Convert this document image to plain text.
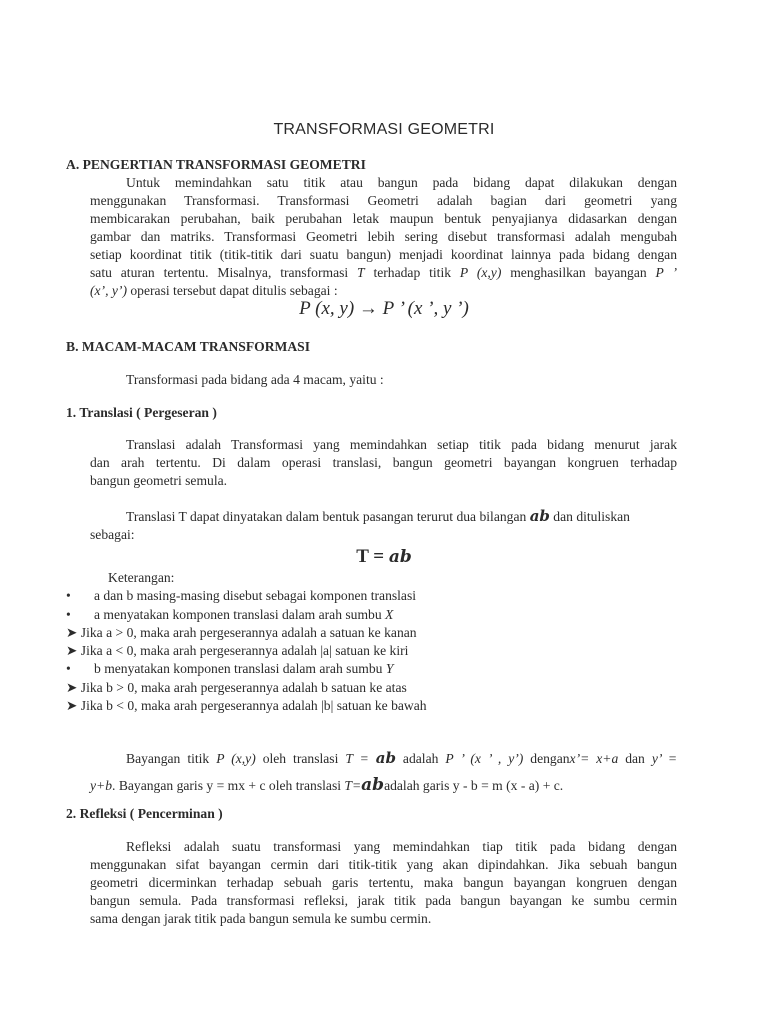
TRANSFORMASI GEOMETRI
A. PENGERTIAN TRANSFORMASI GEOMETRI
Untuk memindahkan satu titik atau bangun pada bidang dapat dilakukan dengan
menggunakan Transformasi. Transformasi Geometri adalah bagian dari geometri yang
membicarakan perubahan, baik perubahan letak maupun bentuk penyajianya didasarkan dengan
gambar dan matriks. Transformasi Geometri lebih sering disebut transformasi adalah mengubah
setiap koordinat titik (titik-titik dari suatu bangun) menjadi koordinat lainnya pada bidang dengan
satu aturan tertentu. Misalnya, transformasi T terhadap titik P (x,y) menghasilkan bayangan P ’
(x’, y’) operasi tersebut dapat ditulis sebagai :
P (x, y) → P ’ (x ’, y ’)
B. MACAM-MACAM TRANSFORMASI
Transformasi pada bidang ada 4 macam, yaitu :
1. Translasi ( Pergeseran )
Translasi adalah Transformasi yang memindahkan setiap titik pada bidang menurut jarak
dan arah tertentu. Di dalam operasi translasi, bangun geometri bayangan kongruen terhadap
bangun geometri semula.
Translasi T dapat dinyatakan dalam bentuk pasangan terurut dua bilangan ab dan dituliskan
sebagai:
T = ab
Keterangan:
• a dan b masing-masing disebut sebagai komponen translasi
• a menyatakan komponen translasi dalam arah sumbu X
➤ Jika a > 0, maka arah pergeserannya adalah a satuan ke kanan
➤ Jika a < 0, maka arah pergeserannya adalah |a| satuan ke kiri
• b menyatakan komponen translasi dalam arah sumbu Y
➤ Jika b > 0, maka arah pergeserannya adalah b satuan ke atas
➤ Jika b < 0, maka arah pergeserannya adalah |b| satuan ke bawah
Bayangan titik P (x,y) oleh translasi T = ab adalah P ’ (x ’ , y’) denganx’= x+a dan y’ =
y+b. Bayangan garis y = mx + c oleh translasi T=abadalah garis y - b = m (x - a) + c.
2. Refleksi ( Pencerminan )
Refleksi adalah suatu transformasi yang memindahkan tiap titik pada bidang dengan
menggunakan sifat bayangan cermin dari titik-titik yang akan dipindahkan. Jika sebuah bangun
geometri dicerminkan terhadap sebuah garis tertentu, maka bangun bayangan kongruen dengan
bangun semula. Pada transformasi refleksi, jarak titik pada bangun bayangan ke sumbu cermin
sama dengan jarak titik pada bangun semula ke sumbu cermin.
